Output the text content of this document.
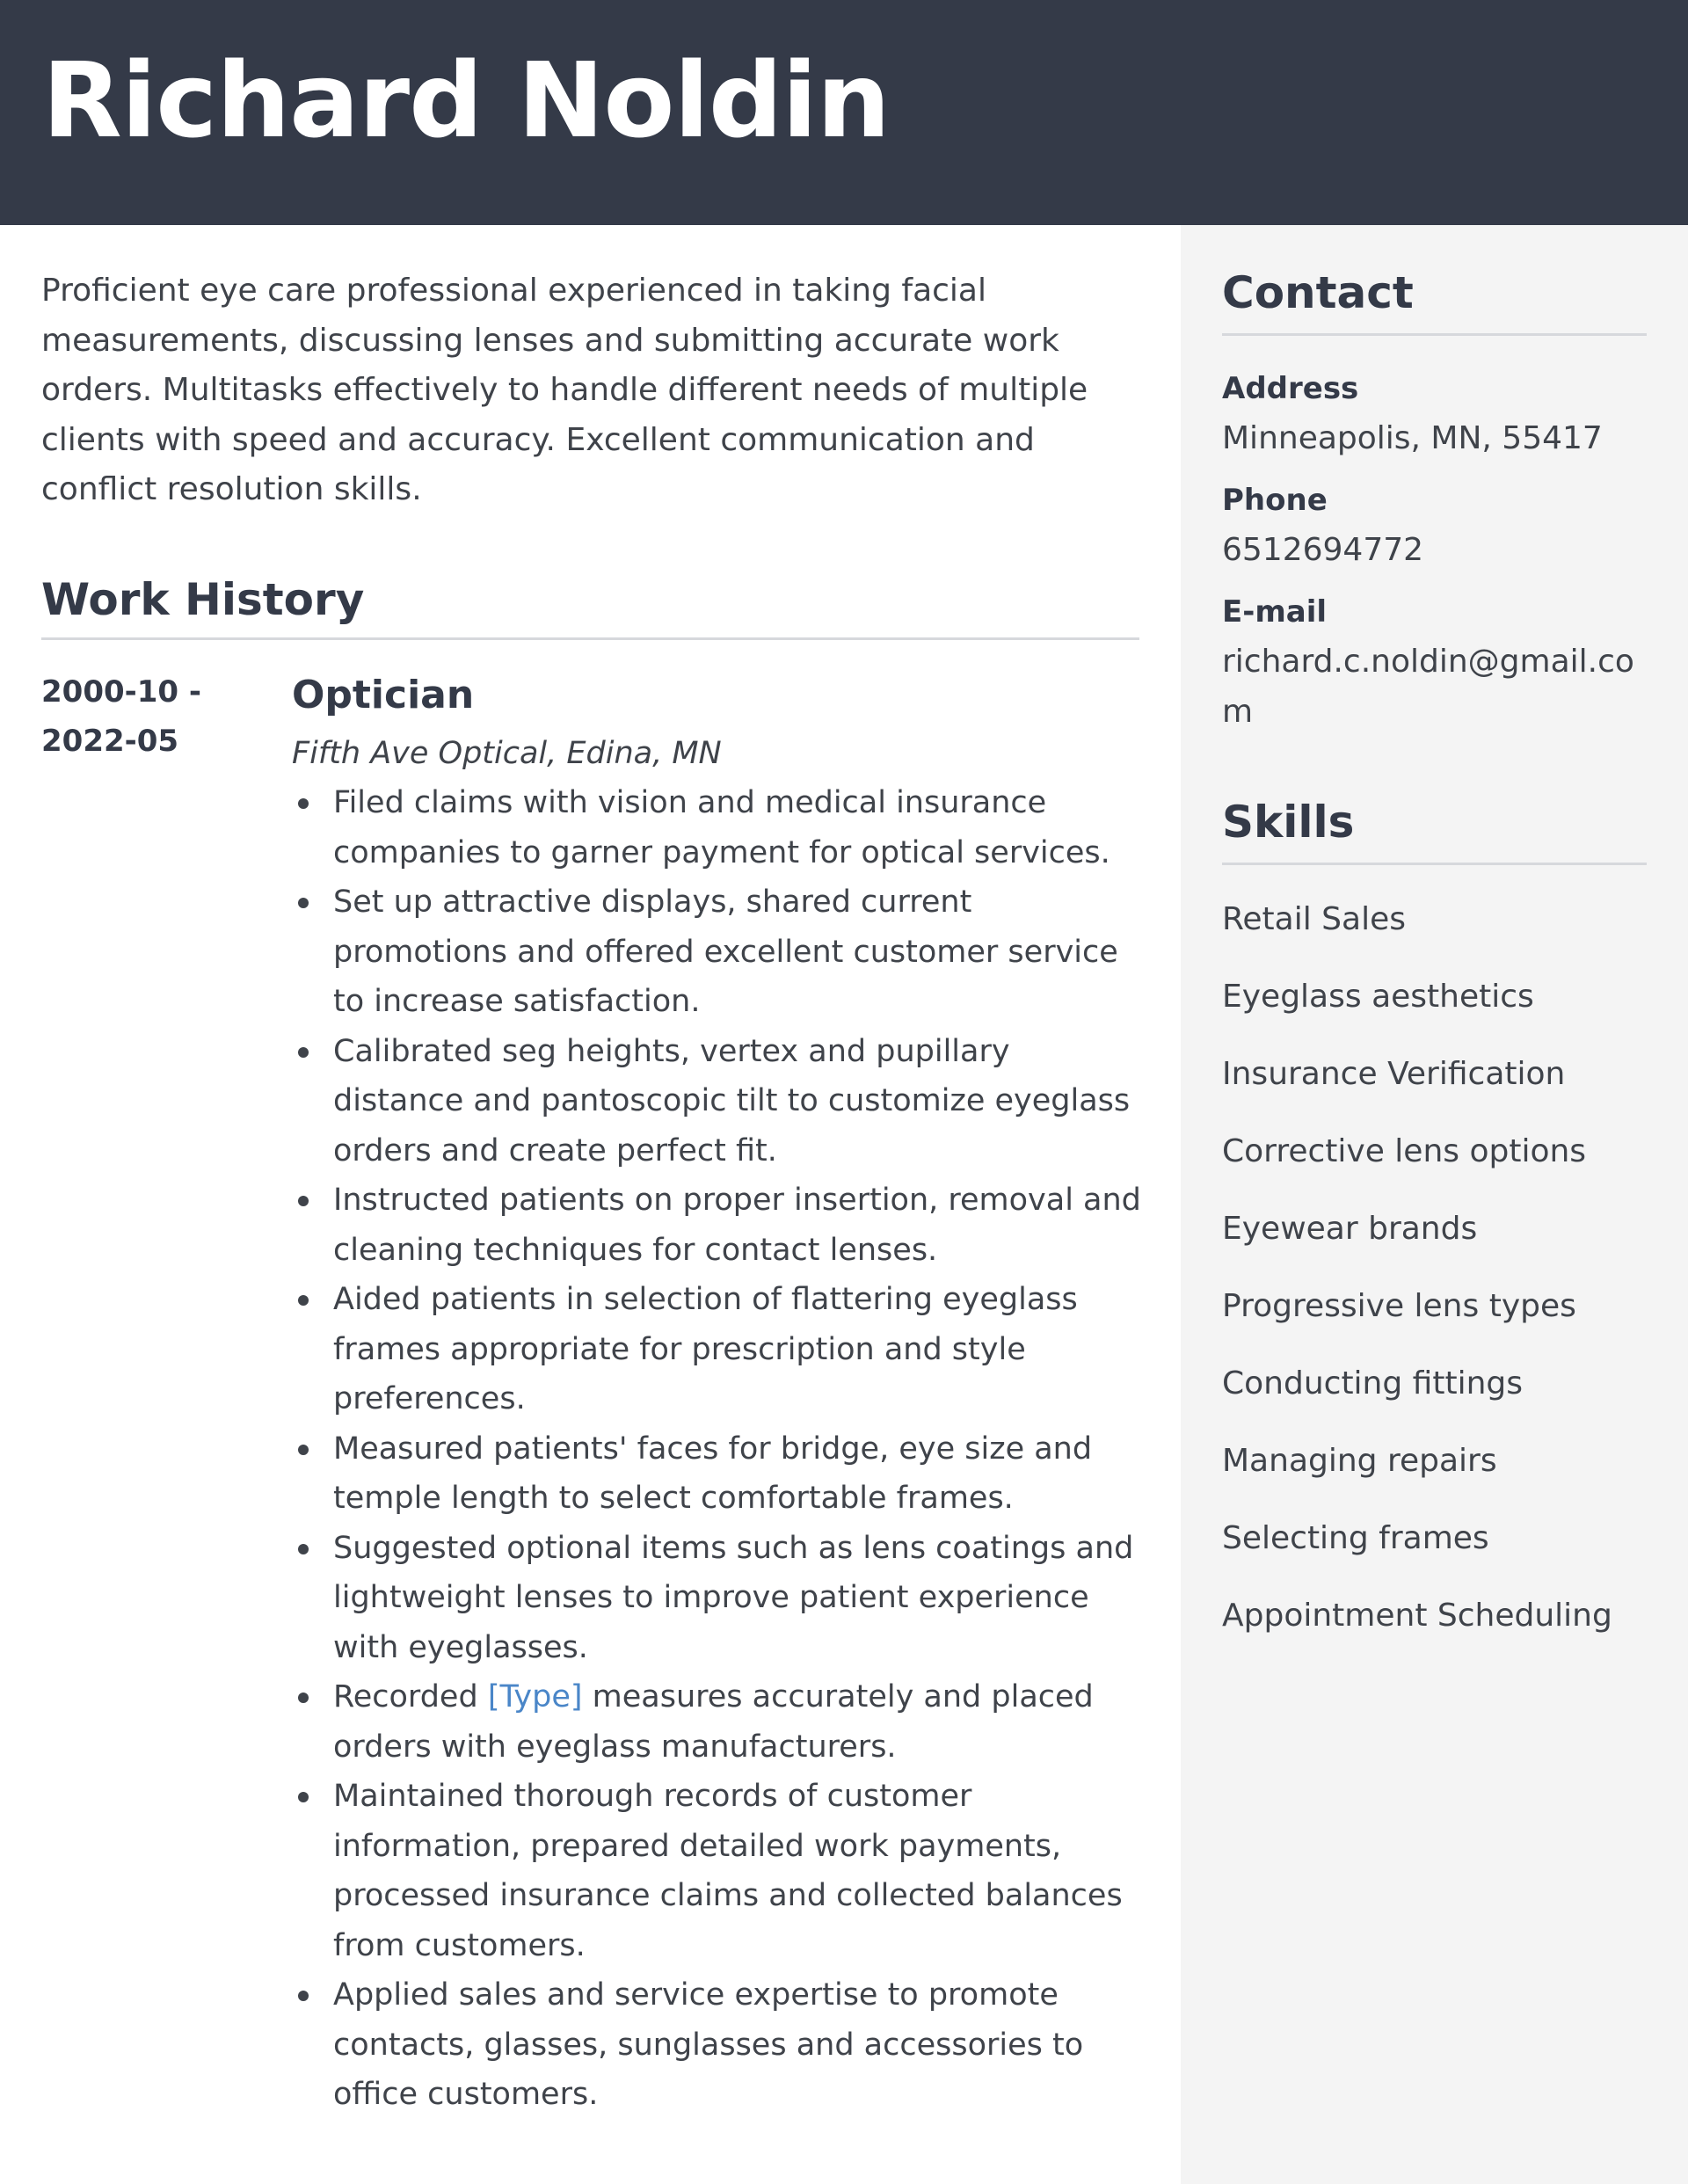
Richard Noldin

Proficient eye care professional experienced in taking facial measurements, discussing lenses and submitting accurate work orders. Multitasks effectively to handle different needs of multiple clients with speed and accuracy. Excellent communication and conflict resolution skills.

Work History
2000-10 -
2022-05
Optician
Fifth Ave Optical, Edina, MN
Filed claims with vision and medical insurance companies to garner payment for optical services.
Set up attractive displays, shared current promotions and offered excellent customer service to increase satisfaction.
Calibrated seg heights, vertex and pupillary distance and pantoscopic tilt to customize eyeglass orders and create perfect fit.
Instructed patients on proper insertion, removal and cleaning techniques for contact lenses.
Aided patients in selection of flattering eyeglass frames appropriate for prescription and style preferences.
Measured patients' faces for bridge, eye size and temple length to select comfortable frames.
Suggested optional items such as lens coatings and lightweight lenses to improve patient experience with eyeglasses.
Recorded [Type] measures accurately and placed orders with eyeglass manufacturers.
Maintained thorough records of customer information, prepared detailed work payments, processed insurance claims and collected balances from customers.
Applied sales and service expertise to promote contacts, glasses, sunglasses and accessories to office customers.
Contact
Address
Minneapolis, MN, 55417
Phone
6512694772
E-mail
richard.c.noldin@gmail.com
Skills
Retail Sales
Eyeglass aesthetics
Insurance Verification
Corrective lens options
Eyewear brands
Progressive lens types
Conducting fittings
Managing repairs
Selecting frames
Appointment Scheduling
